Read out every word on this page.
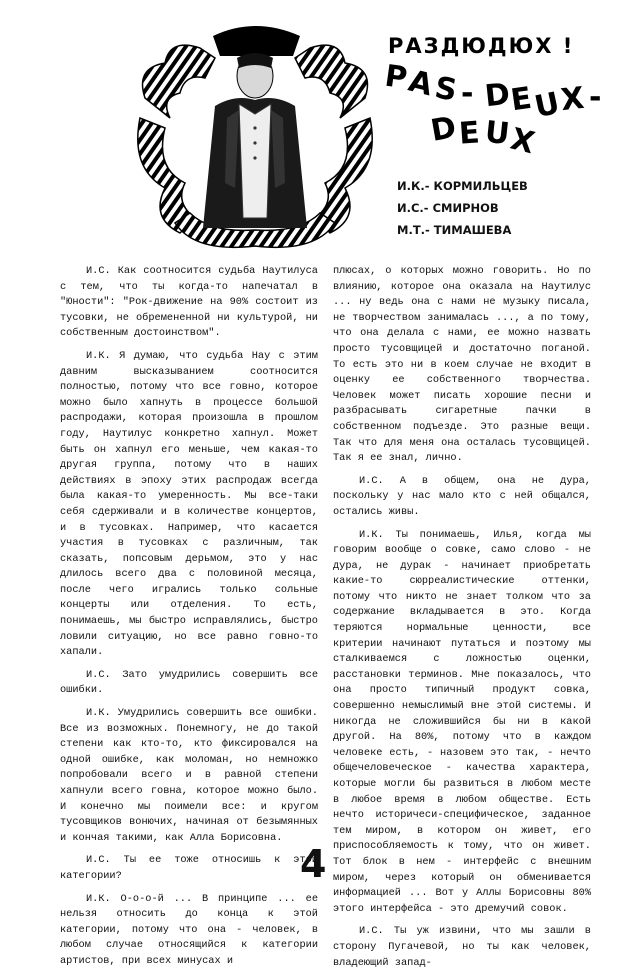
РАЗДЮДЮХ !
P
A
S - D
E
U
X -
D E U
X
И.К.- КОРМИЛЬЦЕВ
И.С.- СМИРНОВ
М.Т.- ТИМАШЕВА

И.С. Как соотносится судьба Наутилуса с тем, что ты когда-то напечатал в "Юности": "Рок-движение на 90% состоит из тусовки, не обремененной ни культурой, ни собственным достоинством".

И.К. Я думаю, что судьба Нау с этим давним высказыванием соотносится полностью, потому что все говно, которое можно было хапнуть в процессе большой распродажи, которая произошла в прошлом году, Наутилус конкретно хапнул. Может быть он хапнул его меньше, чем какая-то другая группа, потому что в наших действиях в эпоху этих распродаж всегда была какая-то умеренность. Мы все-таки себя сдерживали и в количестве концертов, и в тусовках. Например, что касается участия в тусовках с различным, так сказать, попсовым дерьмом, это у нас длилось всего два с половиной месяца, после чего игрались только сольные концерты или отделения. То есть, понимаешь, мы быстро исправлялись, быстро ловили ситуацию, но все равно говно-то хапали.

И.С. Зато умудрились совершить все ошибки.

И.К. Умудрились совершить все ошибки. Все из возможных. Понемногу, не до такой степени как кто-то, кто фиксировался на одной ошибке, как моломан, но немножко попробовали всего и в равной степени хапнули всего говна, которое можно было. И конечно мы поимели все: и кругом тусовщиков вонючих, начиная от безымянных и кончая такими, как Алла Борисовна.

И.С. Ты ее тоже относишь к этой категории?

И.К. О-о-о-й ... В принципе ... ее нельзя относить до конца к этой категории, потому что она - человек, в любом случае относящийся к категории артистов, при всех минусах и

плюсах, о которых можно говорить. Но по влиянию, которое она оказала на Наутилус ... ну ведь она с нами не музыку писала, не творчеством занималась ..., а по тому, что она делала с нами, ее можно назвать просто тусовщицей и достаточно поганой. То есть это ни в коем случае не входит в оценку ее собственного творчества. Человек может писать хорошие песни и разбрасывать сигаретные пачки в собственном подъезде. Это разные вещи. Так что для меня она осталась тусовщицей. Так я ее знал, лично.

И.С. А в общем, она не дура, поскольку у нас мало кто с ней общался, остались живы.

И.К. Ты понимаешь, Илья, когда мы говорим вообще о совке, само слово - не дура, не дурак - начинает приобретать какие-то сюрреалистические оттенки, потому что никто не знает толком что за содержание вкладывается в это. Когда теряются нормальные ценности, все критерии начинают путаться и поэтому мы сталкиваемся с ложностью оценки, расстановки терминов. Мне показалось, что она просто типичный продукт совка, совершенно немыслимый вне этой системы. И никогда не сложившийся бы ни в какой другой. На 80%, потому что в каждом человеке есть, - назовем это так, - нечто общечеловеческое - качества характера, которые могли бы развиться в любом месте в любое время в любом обществе. Есть нечто историчеси-специфическое, заданное тем миром, в котором он живет, его приспособляемость к тому, что он живет. Тот блок в нем - интерфейс с внешним миром, через который он обменивается информацией ... Вот у Аллы Борисовны 80% этого интерфейса - это дремучий совок.

И.С. Ты уж извини, что мы зашли в сторону Пугачевой, но ты как человек, владеющий запад-

4
